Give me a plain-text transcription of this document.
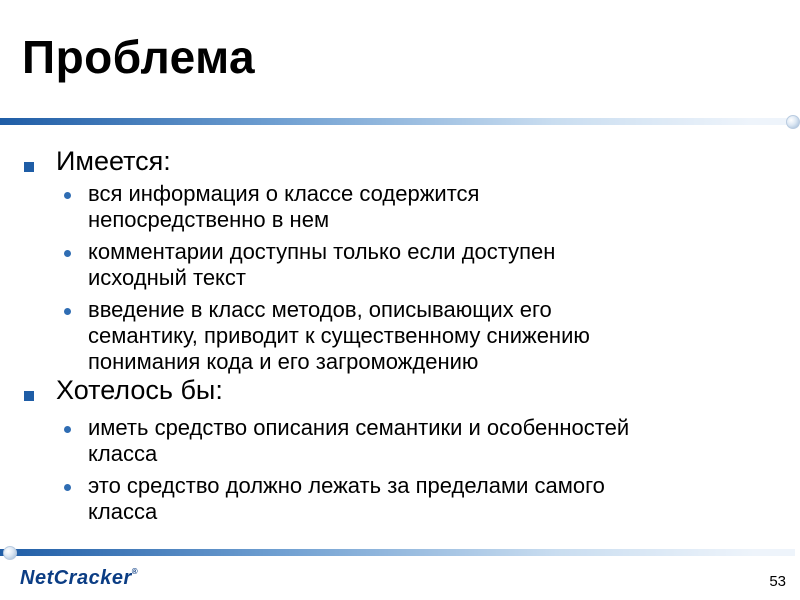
Проблема
Имеется:
вся информация о классе содержится
непосредственно в нем
комментарии доступны только если доступен
исходный текст
введение в класс методов, описывающих его
семантику, приводит к существенному снижению
понимания кода и его загромождению
Хотелось бы:
иметь средство описания семантики и особенностей
класса
это средство должно лежать за пределами самого
класса
NetCracker®
53
